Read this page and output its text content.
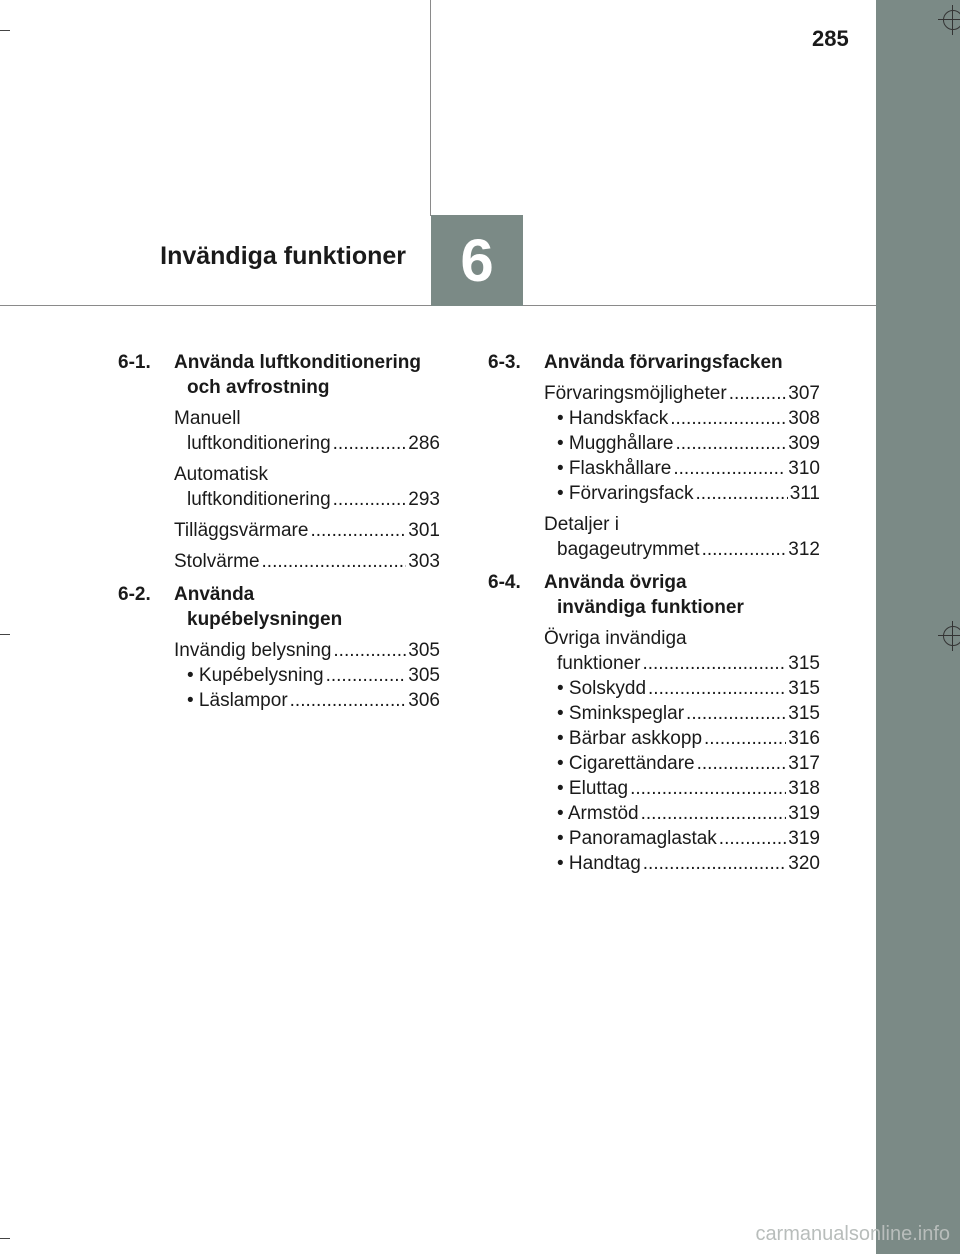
285
Invändiga funktioner 6
6-1.	Använda luftkonditionering
och avfrostning
Manuell
luftkonditionering .....	286
Automatisk
luftkonditionering .....	293
Tilläggsvärmare .....	301
Stolvärme .....	303
6-2.	Använda
kupébelysningen
Invändig belysning .....	305
• Kupébelysning .....	305
• Läslampor .....	306
6-3.	Använda förvaringsfacken
Förvaringsmöjligheter .....	307
• Handskfack .....	308
• Mugghållare .....	309
• Flaskhållare .....	310
• Förvaringsfack .....	311
Detaljer i
bagageutrymmet .....	312
6-4.	Använda övriga
invändiga funktioner
Övriga invändiga
funktioner .....	315
• Solskydd .....	315
• Sminkspeglar .....	315
• Bärbar askkopp .....	316
• Cigarettändare .....	317
• Eluttag .....	318
• Armstöd .....	319
• Panoramaglastak .....	319
• Handtag .....	320
carmanualsonline.info
